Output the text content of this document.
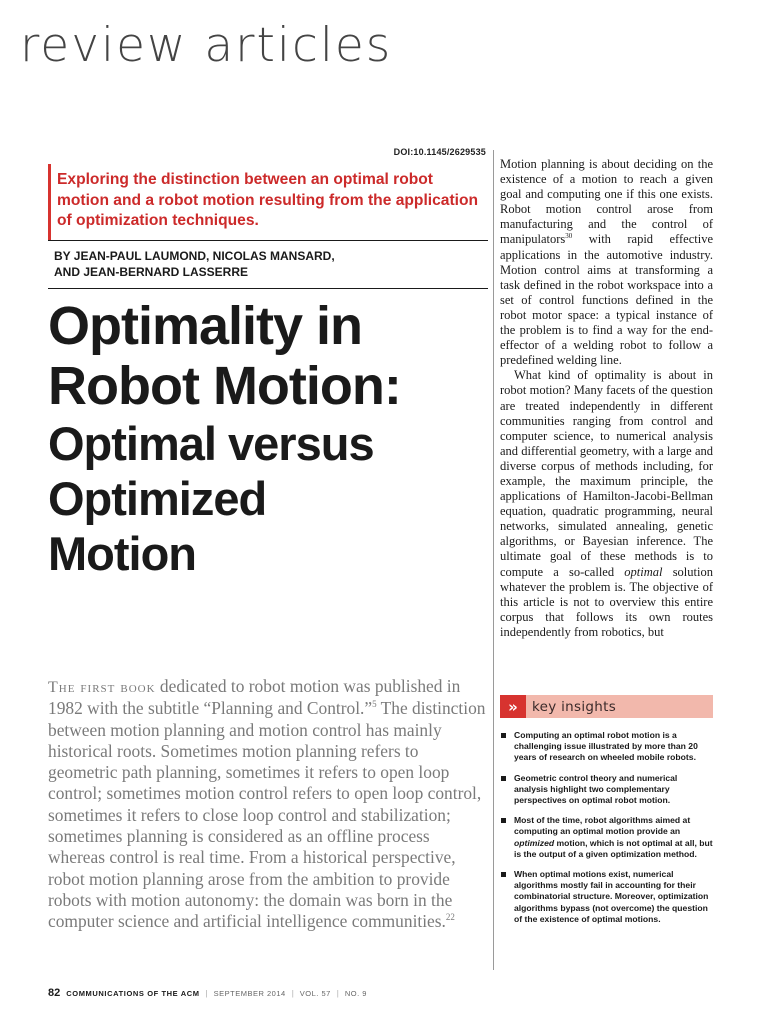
review articles
DOI:10.1145/2629535

Exploring the distinction between an optimal robot motion and a robot motion resulting from the application of optimization techniques.

BY JEAN-PAUL LAUMOND, NICOLAS MANSARD,
AND JEAN-BERNARD LASSERRE

Optimality in
Robot Motion:
Optimal versus
Optimized
Motion

The first book dedicated to robot motion was published in 1982 with the subtitle “Planning and Control.”$^5$ The distinction between motion planning and motion control has mainly historical roots. Sometimes motion planning refers to geometric path planning, sometimes it refers to open loop control; sometimes motion control refers to open loop control, sometimes it refers to close loop control and stabilization; sometimes planning is considered as an offline process whereas control is real time. From a historical perspective, robot motion planning arose from the ambition to provide robots with motion autonomy: the domain was born in the computer science and artificial intelligence communities.$^{22}$

Motion planning is about deciding on the existence of a motion to reach a given goal and computing one if this one exists. Robot motion control arose from manufacturing and the control of manipulators$^{30}$ with rapid effective applications in the automotive industry. Motion control aims at transforming a task defined in the robot workspace into a set of control functions defined in the robot motor space: a typical instance of the problem is to find a way for the end-effector of a welding robot to follow a predefined welding line.

What kind of optimality is about in robot motion? Many facets of the question are treated independently in different communities ranging from control and computer science, to numerical analysis and differential geometry, with a large and diverse corpus of methods including, for example, the maximum principle, the applications of Hamilton-Jacobi-Bellman equation, quadratic programming, neural networks, simulated annealing, genetic algorithms, or Bayesian inference. The ultimate goal of these methods is to compute a so-called optimal solution whatever the problem is. The objective of this article is not to overview this entire corpus that follows its own routes independently from robotics, but

»	key insights
Computing an optimal robot motion is a challenging issue illustrated by more than 20 years of research on wheeled mobile robots.
Geometric control theory and numerical analysis highlight two complementary perspectives on optimal robot motion.
Most of the time, robot algorithms aimed at computing an optimal motion provide an optimized motion, which is not optimal at all, but is the output of a given optimization method.
When optimal motions exist, numerical algorithms mostly fail in accounting for their combinatorial structure. Moreover, optimization algorithms bypass (not overcome) the question of the existence of optimal motions.
82 COMMUNICATIONS OF THE ACM | SEPTEMBER 2014 | VOL. 57 | NO. 9
